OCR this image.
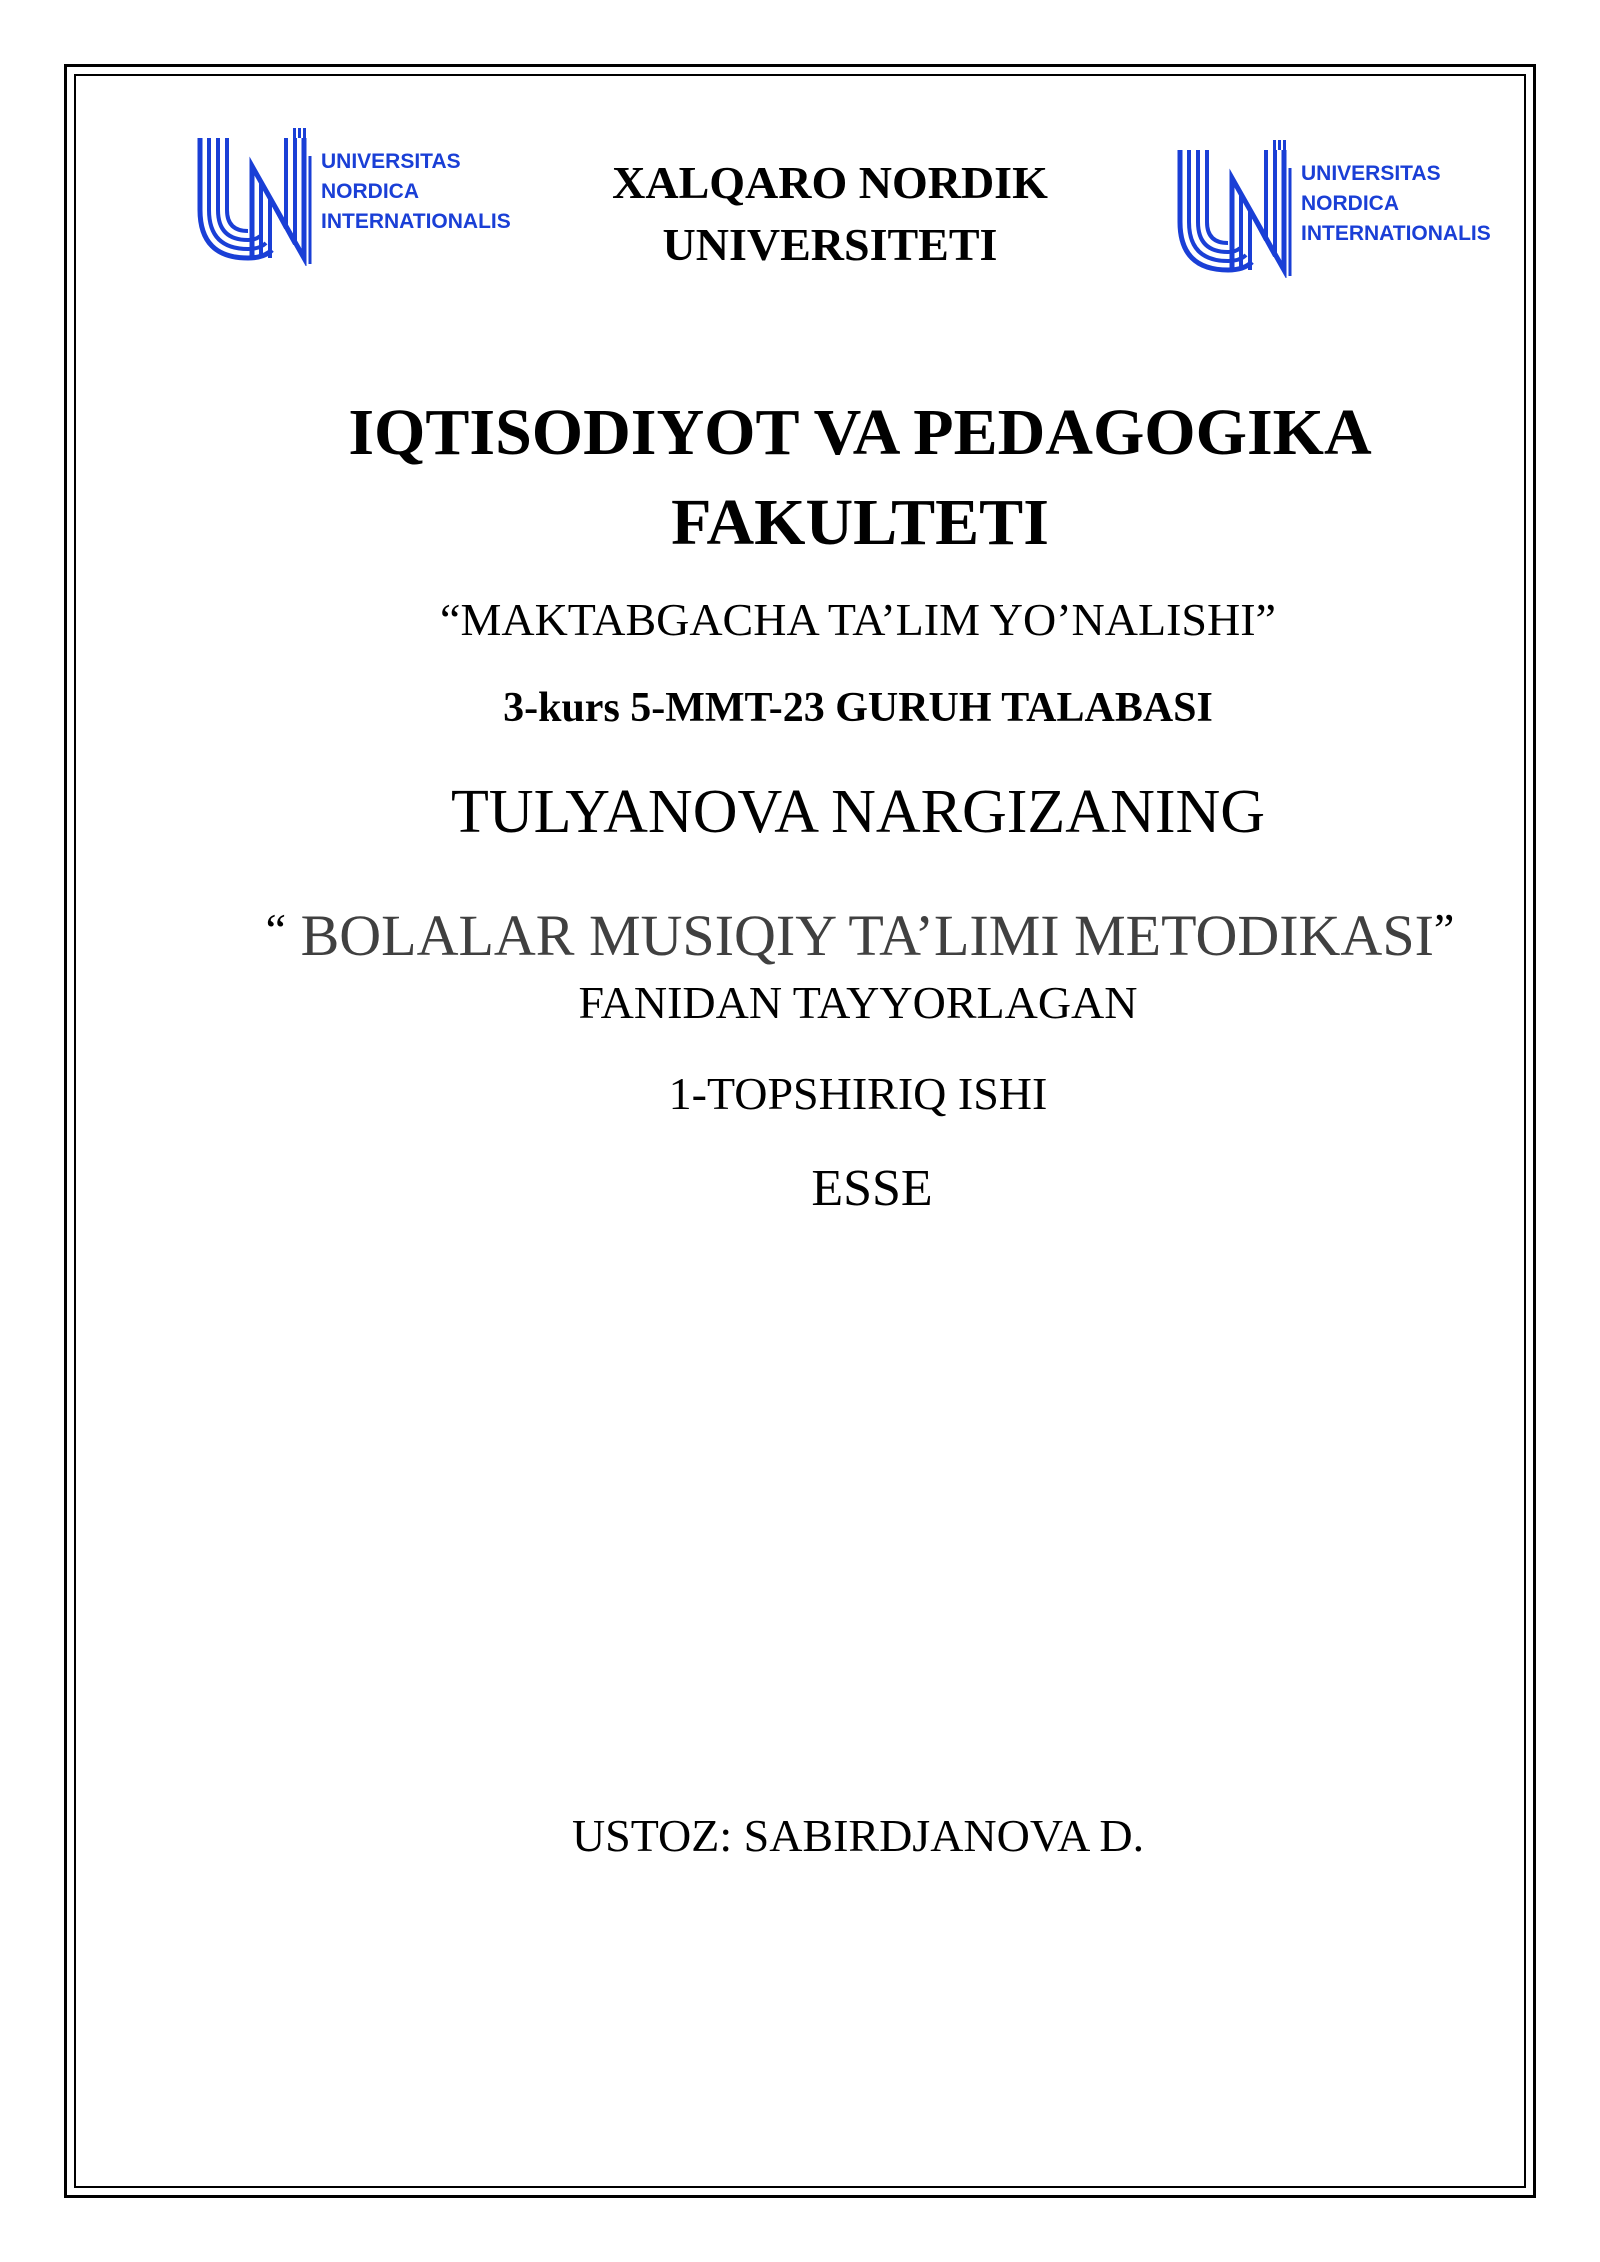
UNIVERSITAS
NORDICA
INTERNATIONALIS
UNIVERSITAS
NORDICA
INTERNATIONALIS
XALQARO NORDIK
UNIVERSITETI
IQTISODIYOT VA PEDAGOGIKA
FAKULTETI
“MAKTABGACHA TA’LIM YO’NALISHI”
3-kurs 5-MMT-23 GURUH TALABASI
TULYANOVA NARGIZANING
“ BOLALAR MUSIQIY TA’LIMI METODIKASI”
FANIDAN TAYYORLAGAN
1-TOPSHIRIQ ISHI
ESSE
USTOZ: SABIRDJANOVA D.
